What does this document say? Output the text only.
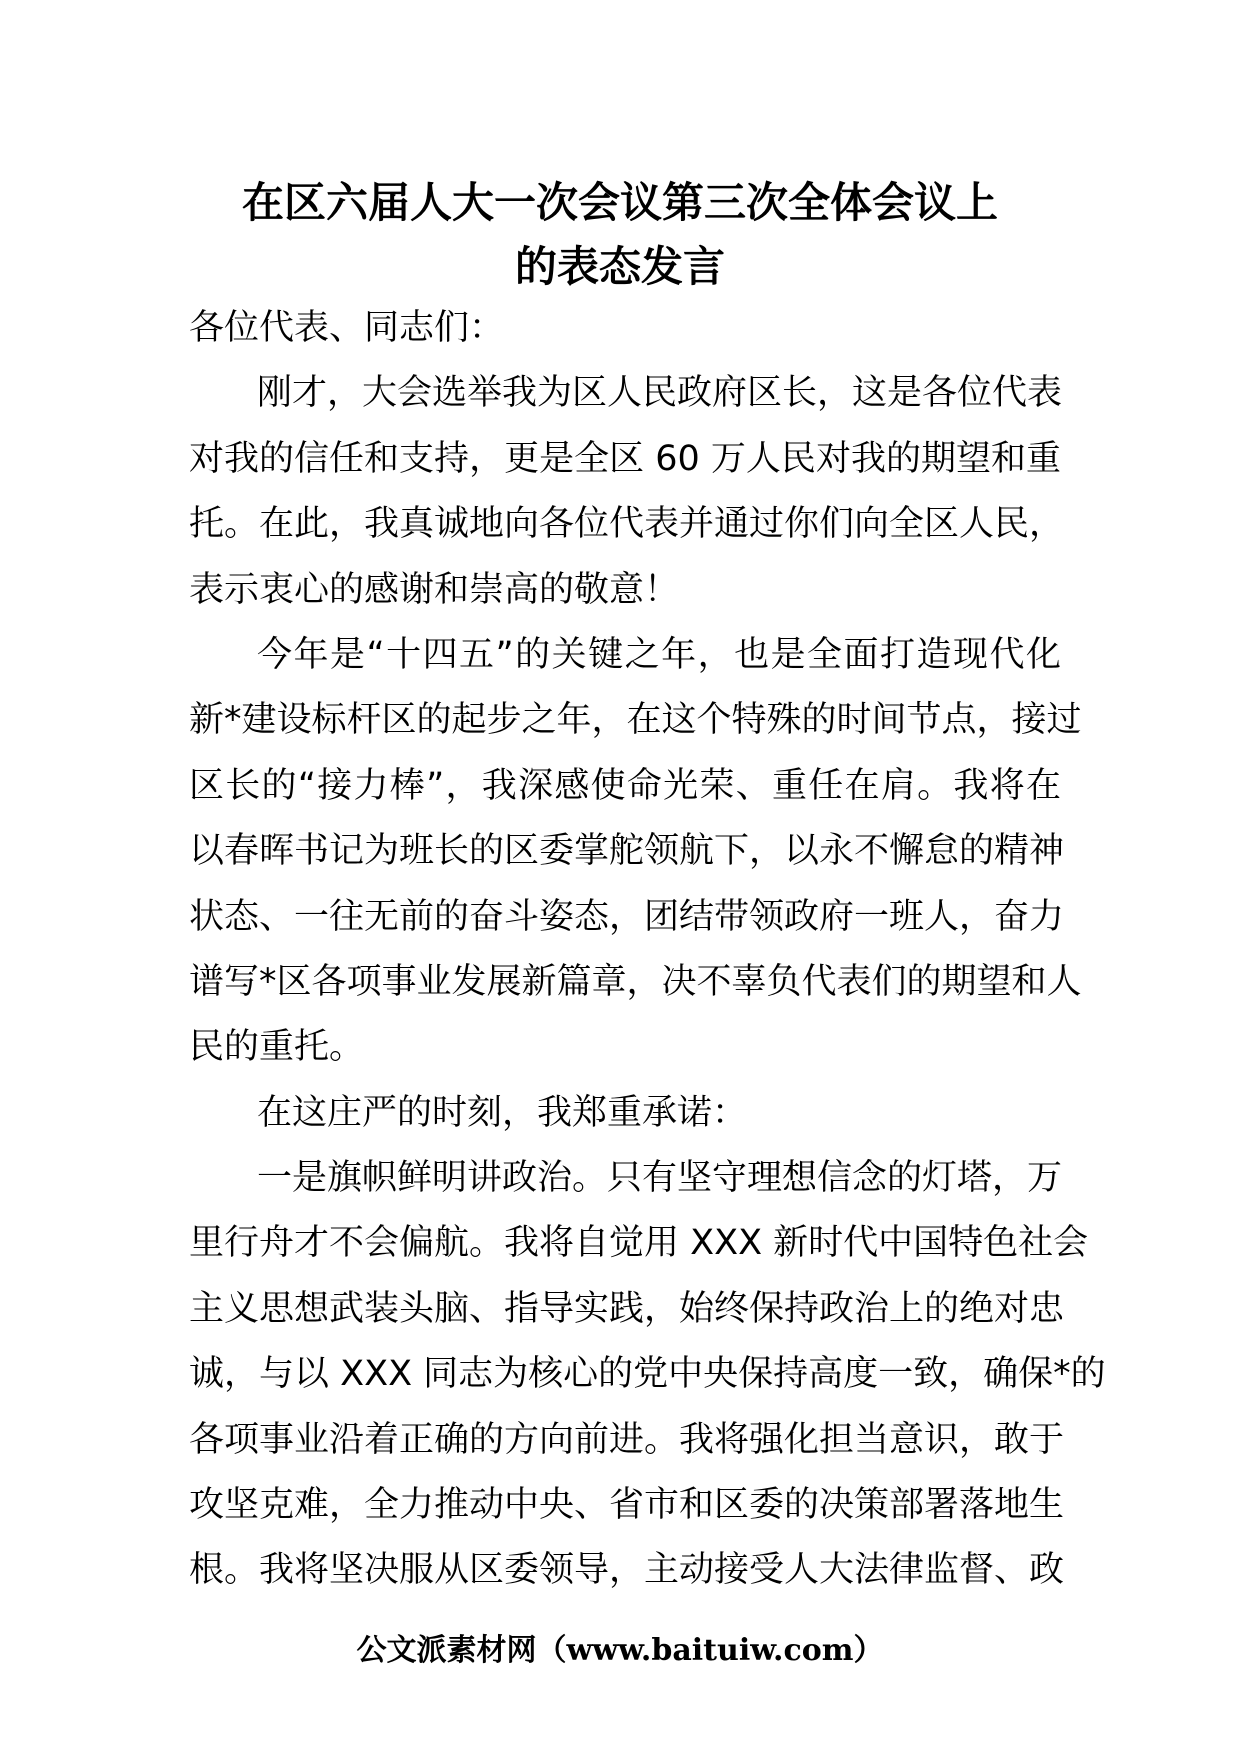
在区六届人大一次会议第三次全体会议上
的表态发言
各位代表、同志们：
刚才，大会选举我为区人民政府区长，这是各位代表
对我的信任和支持，更是全区 60 万人民对我的期望和重
托。在此，我真诚地向各位代表并通过你们向全区人民，
表示衷心的感谢和崇高的敬意！
今年是“十四五”的关键之年，也是全面打造现代化
新*建设标杆区的起步之年，在这个特殊的时间节点，接过
区长的“接力棒”，我深感使命光荣、重任在肩。我将在
以春晖书记为班长的区委掌舵领航下，以永不懈怠的精神
状态、一往无前的奋斗姿态，团结带领政府一班人，奋力
谱写*区各项事业发展新篇章，决不辜负代表们的期望和人
民的重托。
在这庄严的时刻，我郑重承诺：
一是旗帜鲜明讲政治。只有坚守理想信念的灯塔，万
里行舟才不会偏航。我将自觉用 XXX 新时代中国特色社会
主义思想武装头脑、指导实践，始终保持政治上的绝对忠
诚，与以 XXX 同志为核心的党中央保持高度一致，确保*的
各项事业沿着正确的方向前进。我将强化担当意识，敢于
攻坚克难，全力推动中央、省市和区委的决策部署落地生
根。我将坚决服从区委领导，主动接受人大法律监督、政
公文派素材网（www.baituiw.com）
